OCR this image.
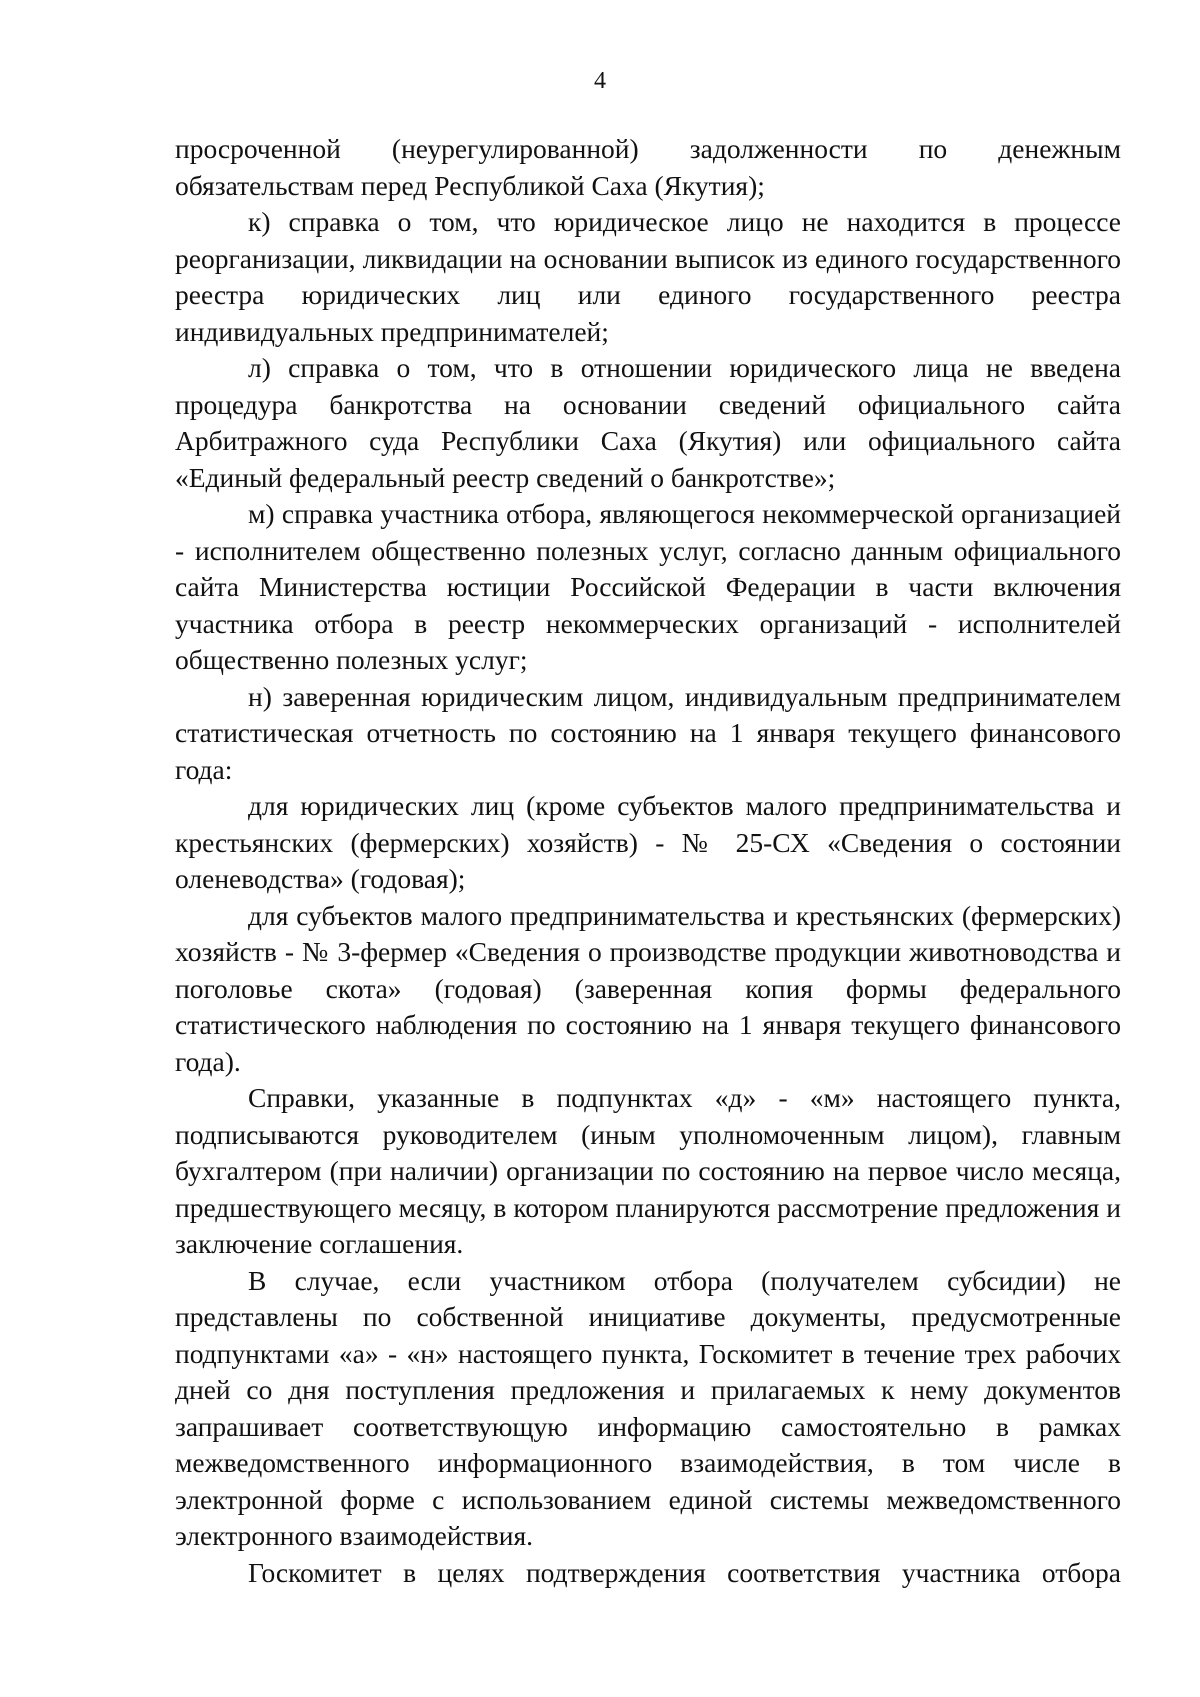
4

просроченной (неурегулированной) задолженности по денежным обязательствам перед Республикой Саха (Якутия);

к) справка о том, что юридическое лицо не находится в процессе реорганизации, ликвидации на основании выписок из единого государственного реестра юридических лиц или единого государственного реестра индивидуальных предпринимателей;

л) справка о том, что в отношении юридического лица не введена процедура банкротства на основании сведений официального сайта Арбитражного суда Республики Саха (Якутия) или официального сайта «Единый федеральный реестр сведений о банкротстве»;

м) справка участника отбора, являющегося некоммерческой организацией - исполнителем общественно полезных услуг, согласно данным официального сайта Министерства юстиции Российской Федерации в части включения участника отбора в реестр некоммерческих организаций - исполнителей общественно полезных услуг;

н) заверенная юридическим лицом, индивидуальным предпринимателем статистическая отчетность по состоянию на 1 января текущего финансового года:

для юридических лиц (кроме субъектов малого предпринимательства и крестьянских (фермерских) хозяйств) - № 25-СХ «Сведения о состоянии оленеводства» (годовая);

для субъектов малого предпринимательства и крестьянских (фермерских) хозяйств - № 3-фермер «Сведения о производстве продукции животноводства и поголовье скота» (годовая) (заверенная копия формы федерального статистического наблюдения по состоянию на 1 января текущего финансового года).

Справки, указанные в подпунктах «д» - «м» настоящего пункта, подписываются руководителем (иным уполномоченным лицом), главным бухгалтером (при наличии) организации по состоянию на первое число месяца, предшествующего месяцу, в котором планируются рассмотрение предложения и заключение соглашения.

В случае, если участником отбора (получателем субсидии) не представлены по собственной инициативе документы, предусмотренные подпунктами «а» - «н» настоящего пункта, Госкомитет в течение трех рабочих дней со дня поступления предложения и прилагаемых к нему документов запрашивает соответствующую информацию самостоятельно в рамках межведомственного информационного взаимодействия, в том числе в электронной форме с использованием единой системы межведомственного электронного взаимодействия.

Госкомитет в целях подтверждения соответствия участника отбора
